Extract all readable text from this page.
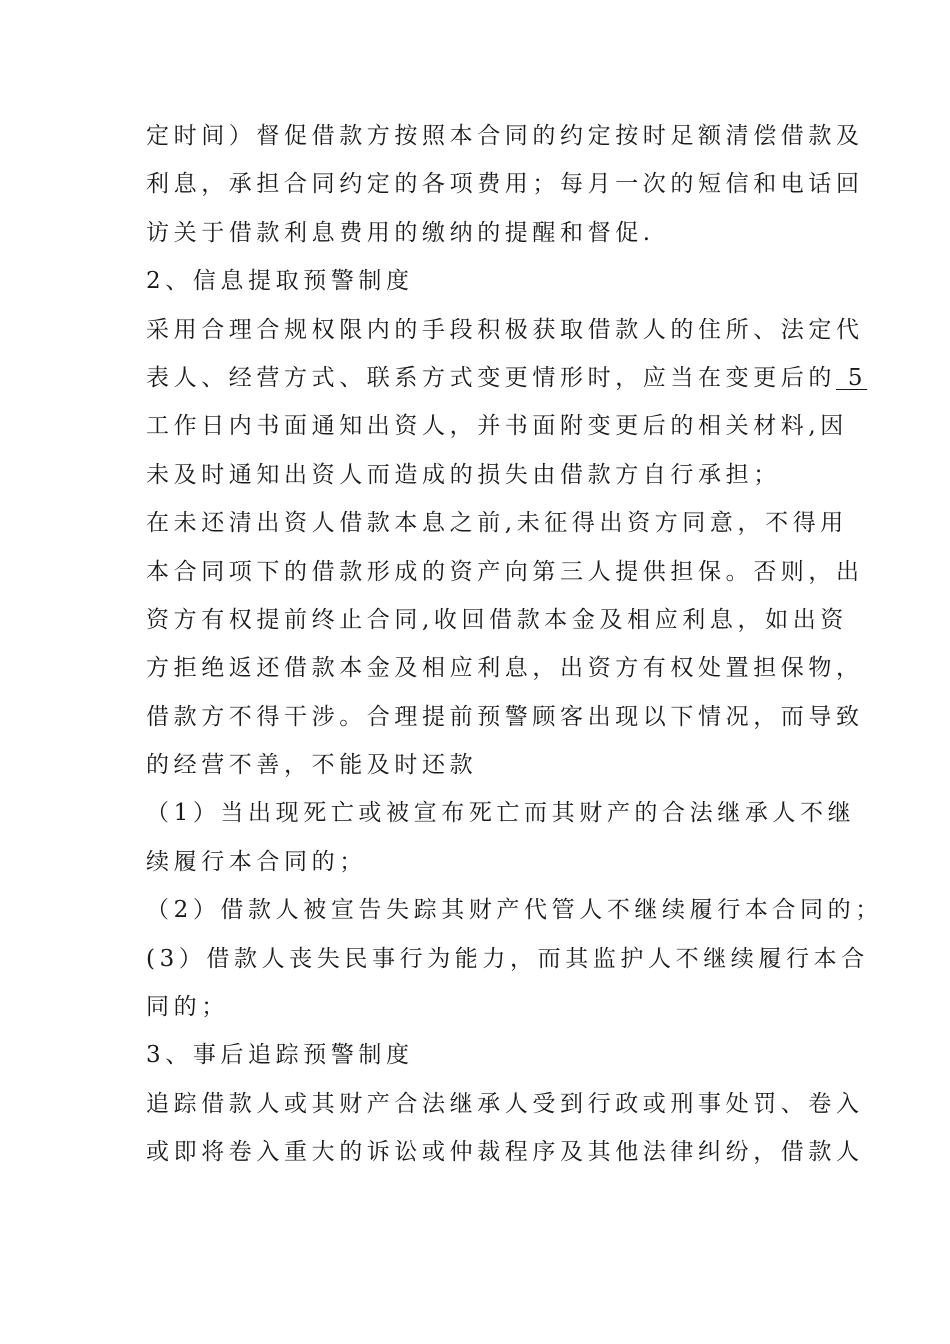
定时间）督促借款方按照本合同的约定按时足额清偿借款及
利息，承担合同约定的各项费用；每月一次的短信和电话回
访关于借款利息费用的缴纳的提醒和督促.
2、信息提取预警制度
采用合理合规权限内的手段积极获取借款人的住所、法定代
表人、经营方式、联系方式变更情形时，应当在变更后的 5
工作日内书面通知出资人，并书面附变更后的相关材料,因
未及时通知出资人而造成的损失由借款方自行承担；
在未还清出资人借款本息之前,未征得出资方同意，不得用
本合同项下的借款形成的资产向第三人提供担保。否则，出
资方有权提前终止合同,收回借款本金及相应利息，如出资
方拒绝返还借款本金及相应利息，出资方有权处置担保物，
借款方不得干涉。合理提前预警顾客出现以下情况，而导致
的经营不善，不能及时还款
（1）当出现死亡或被宣布死亡而其财产的合法继承人不继
续履行本合同的；
（2）借款人被宣告失踪其财产代管人不继续履行本合同的；
(3）借款人丧失民事行为能力，而其监护人不继续履行本合
同的；
3、事后追踪预警制度
追踪借款人或其财产合法继承人受到行政或刑事处罚、卷入
或即将卷入重大的诉讼或仲裁程序及其他法律纠纷，借款人
